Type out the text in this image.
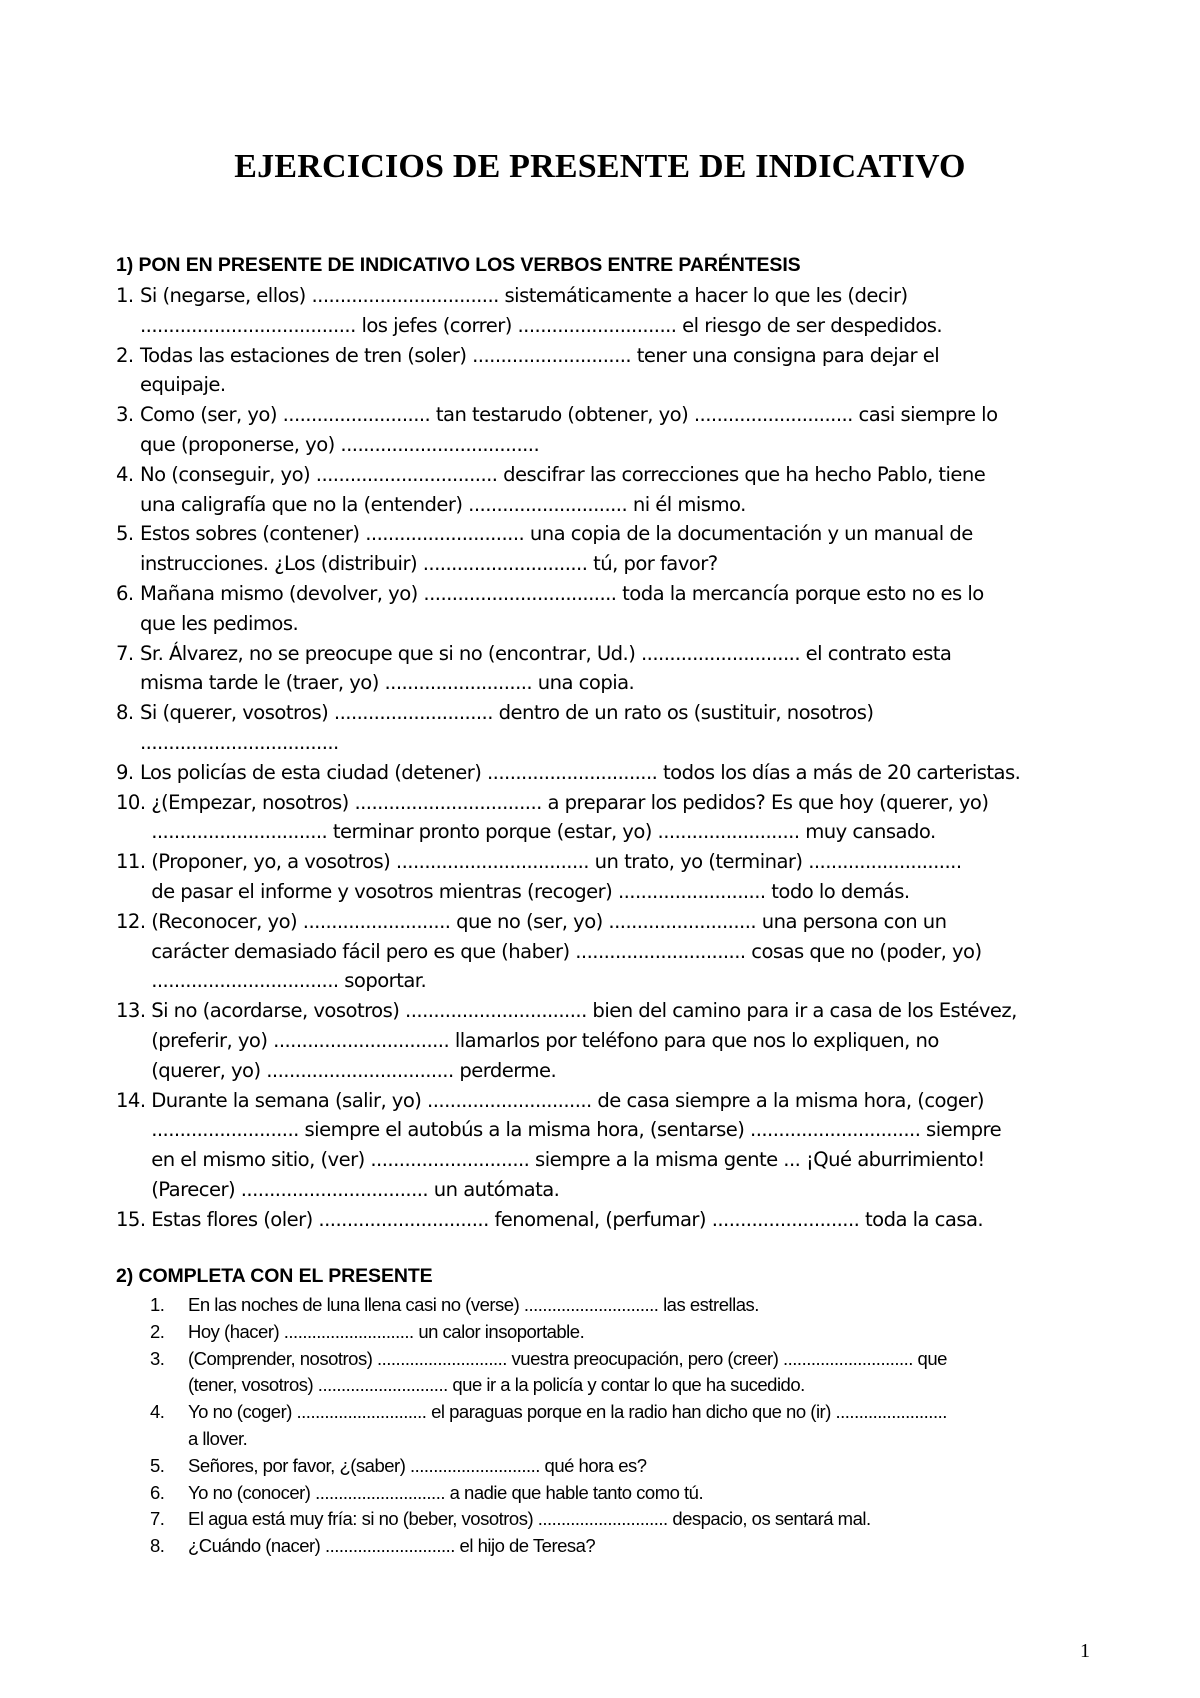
EJERCICIOS DE PRESENTE DE INDICATIVO
1) PON EN PRESENTE DE INDICATIVO LOS VERBOS ENTRE PARÉNTESIS
1. Si (negarse, ellos) ................................. sistemáticamente a hacer lo que les (decir)
...................................... los jefes (correr) ............................ el riesgo de ser despedidos.
2. Todas las estaciones de tren (soler) ............................ tener una consigna para dejar el
equipaje.
3. Como (ser, yo) .......................... tan testarudo (obtener, yo) ............................ casi siempre lo
que (proponerse, yo) ...................................
4. No (conseguir, yo) ................................ descifrar las correcciones que ha hecho Pablo, tiene
una caligrafía que no la (entender) ............................ ni él mismo.
5. Estos sobres (contener) ............................ una copia de la documentación y un manual de
instrucciones. ¿Los (distribuir) ............................. tú, por favor?
6. Mañana mismo (devolver, yo) .................................. toda la mercancía porque esto no es lo
que les pedimos.
7. Sr. Álvarez, no se preocupe que si no (encontrar, Ud.) ............................ el contrato esta
misma tarde le (traer, yo) .......................... una copia.
8. Si (querer, vosotros) ............................ dentro de un rato os (sustituir, nosotros)
...................................
9. Los policías de esta ciudad (detener) .............................. todos los días a más de 20 carteristas.
10. ¿(Empezar, nosotros) ................................. a preparar los pedidos? Es que hoy (querer, yo)
............................... terminar pronto porque (estar, yo) ......................... muy cansado.
11. (Proponer, yo, a vosotros) .................................. un trato, yo (terminar) ...........................
de pasar el informe y vosotros mientras (recoger) .......................... todo lo demás.
12. (Reconocer, yo) .......................... que no (ser, yo) .......................... una persona con un
carácter demasiado fácil pero es que (haber) .............................. cosas que no (poder, yo)
................................. soportar.
13. Si no (acordarse, vosotros) ................................ bien del camino para ir a casa de los Estévez,
(preferir, yo) ............................... llamarlos por teléfono para que nos lo expliquen, no
(querer, yo) ................................. perderme.
14. Durante la semana (salir, yo) ............................. de casa siempre a la misma hora, (coger)
.......................... siempre el autobús a la misma hora, (sentarse) .............................. siempre
en el mismo sitio, (ver) ............................ siempre a la misma gente ... ¡Qué aburrimiento!
(Parecer) ................................. un autómata.
15. Estas flores (oler) .............................. fenomenal, (perfumar) .......................... toda la casa.
2) COMPLETA CON EL PRESENTE
1.	En las noches de luna llena casi no (verse) ............................. las estrellas.
2.	Hoy (hacer) ............................ un calor insoportable.
3.	(Comprender, nosotros) ............................ vuestra preocupación, pero (creer) ............................ que
(tener, vosotros) ............................ que ir a la policía y contar lo que ha sucedido.
4.	Yo no (coger) ............................ el paraguas porque en la radio han dicho que no (ir) ........................
a llover.
5.	Señores, por favor, ¿(saber) ............................ qué hora es?
6.	Yo no (conocer) ............................ a nadie que hable tanto como tú.
7.	El agua está muy fría: si no (beber, vosotros) ............................ despacio, os sentará mal.
8.	¿Cuándo (nacer) ............................ el hijo de Teresa?
1
